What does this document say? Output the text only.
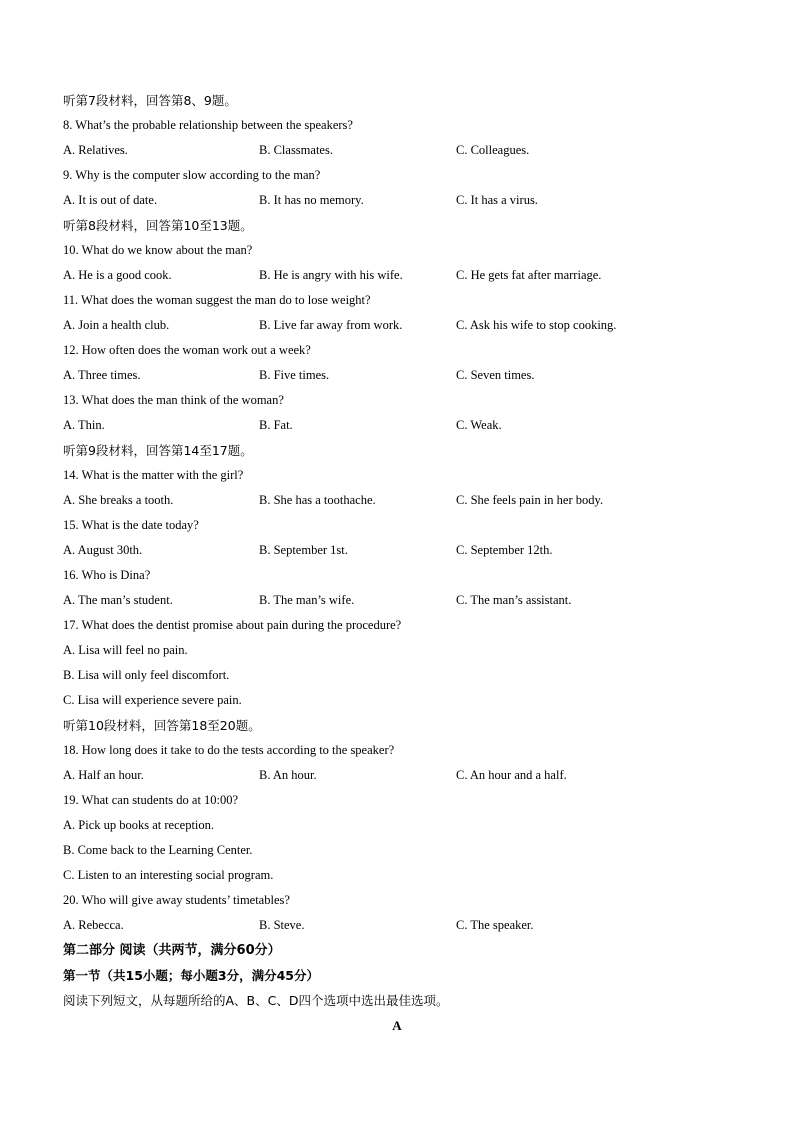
听第7段材料，回答第8、9题。
8. What’s the probable relationship between the speakers?
A. Relatives.	B. Classmates.	C. Colleagues.
9. Why is the computer slow according to the man?
A. It is out of date.	B. It has no memory.	C. It has a virus.
听第8段材料，回答第10至13题。
10. What do we know about the man?
A. He is a good cook.	B. He is angry with his wife.	C. He gets fat after marriage.
11. What does the woman suggest the man do to lose weight?
A. Join a health club.	B. Live far away from work.	C. Ask his wife to stop cooking.
12. How often does the woman work out a week?
A. Three times.	B. Five times.	C. Seven times.
13. What does the man think of the woman?
A. Thin.	B. Fat.	C. Weak.
听第9段材料，回答第14至17题。
14. What is the matter with the girl?
A. She breaks a tooth.	B. She has a toothache.	C. She feels pain in her body.
15. What is the date today?
A. August 30th.	B. September 1st.	C. September 12th.
16. Who is Dina?
A. The man’s student.	B. The man’s wife.	C. The man’s assistant.
17. What does the dentist promise about pain during the procedure?
A. Lisa will feel no pain.
B. Lisa will only feel discomfort.
C. Lisa will experience severe pain.
听第10段材料，回答第18至20题。
18. How long does it take to do the tests according to the speaker?
A. Half an hour.	B. An hour.	C. An hour and a half.
19. What can students do at 10:00?
A. Pick up books at reception.
B. Come back to the Learning Center.
C. Listen to an interesting social program.
20. Who will give away students’ timetables?
A. Rebecca.	B. Steve.	C. The speaker.
第二部分 阅读（共两节，满分60分）
第一节（共15小题；每小题3分，满分45分）
阅读下列短文，从每题所给的A、B、C、D四个选项中选出最佳选项。
A
